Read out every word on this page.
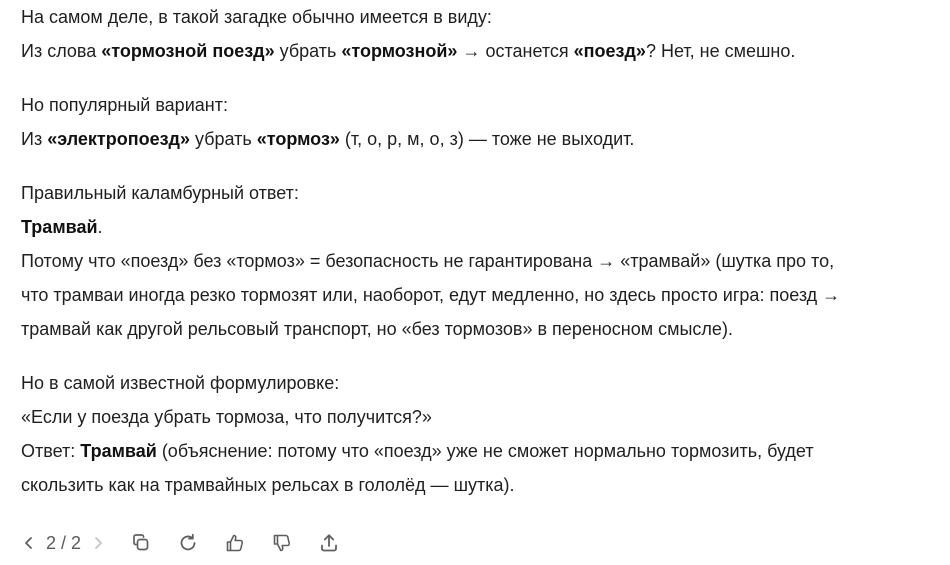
На самом деле, в такой загадке обычно имеется в виду:
Из слова «тормозной поезд» убрать «тормозной» → останется «поезд»? Нет, не смешно.
Но популярный вариант:
Из «электропоезд» убрать «тормоз» (т, о, р, м, о, з) — тоже не выходит.
Правильный каламбурный ответ:
Трамвай.
Потому что «поезд» без «тормоз» = безопасность не гарантирована → «трамвай» (шутка про то,
что трамваи иногда резко тормозят или, наоборот, едут медленно, но здесь просто игра: поезд →
трамвай как другой рельсовый транспорт, но «без тормозов» в переносном смысле).
Но в самой известной формулировке:
«Если у поезда убрать тормоза, что получится?»
Ответ: Трамвай (объяснение: потому что «поезд» уже не сможет нормально тормозить, будет
скользить как на трамвайных рельсах в гололёд — шутка).
2 / 2
